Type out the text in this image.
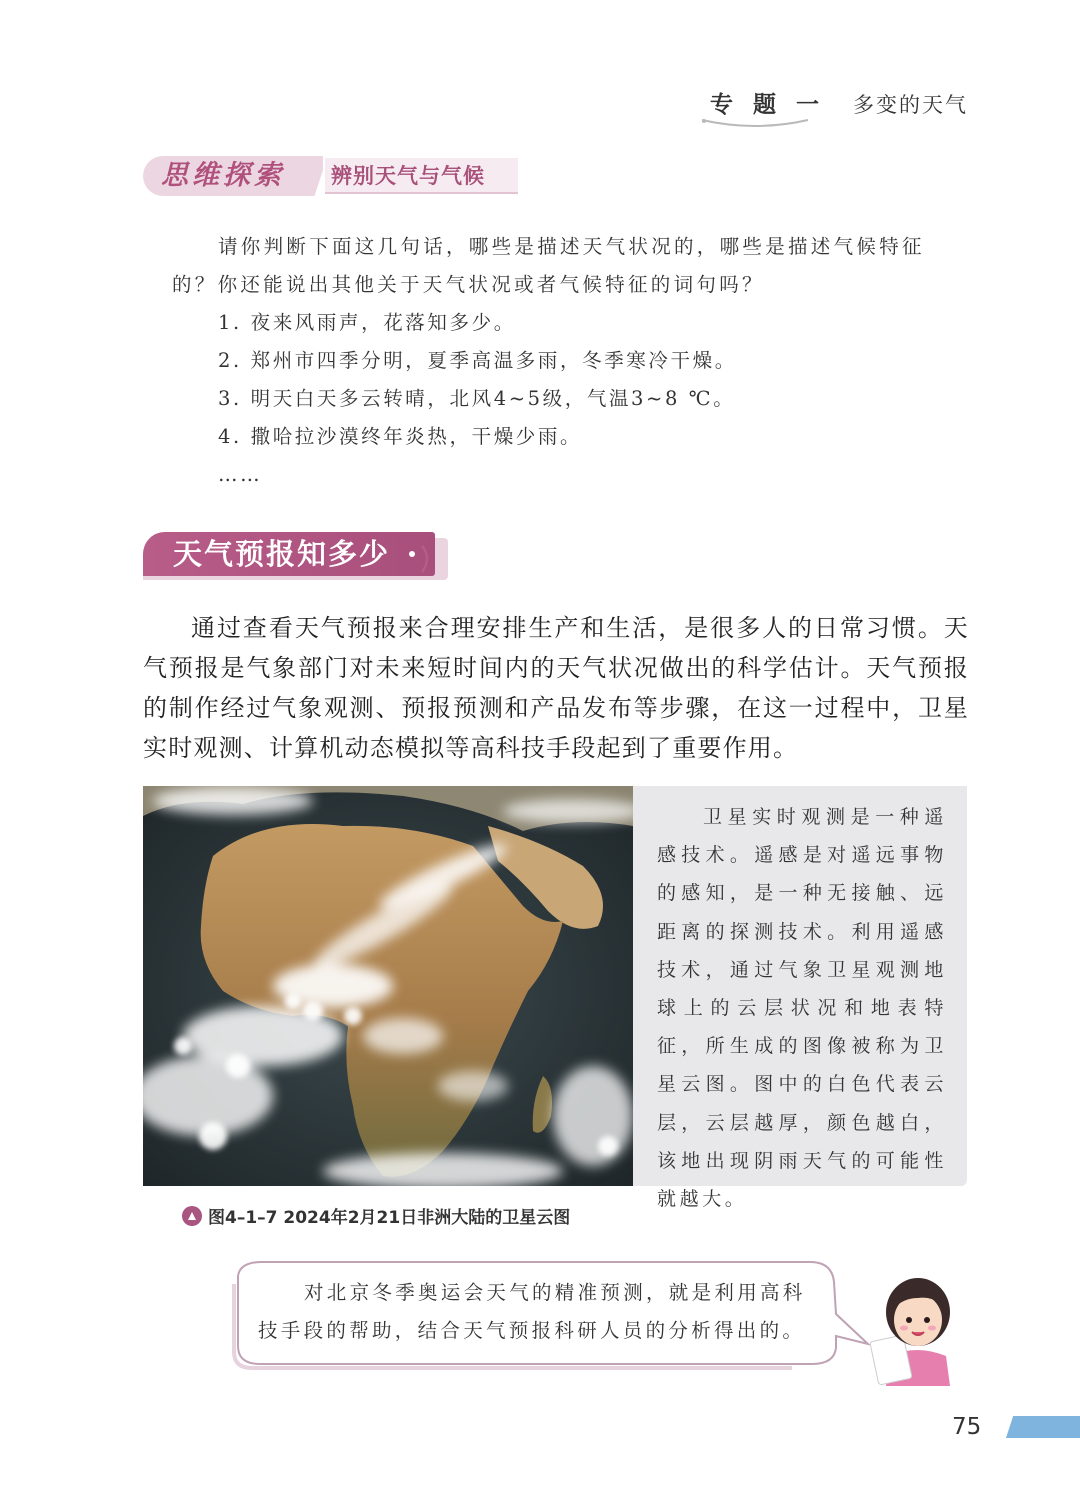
专 题 一 多变的天气
思维探索	辨别天气与气候
请你判断下面这几句话，哪些是描述天气状况的，哪些是描述气候特征的？你还能说出其他关于天气状况或者气候特征的词句吗？
1. 夜来风雨声，花落知多少。
2. 郑州市四季分明，夏季高温多雨，冬季寒冷干燥。
3. 明天白天多云转晴，北风4~5级，气温3~8 ℃。
4. 撒哈拉沙漠终年炎热，干燥少雨。
……
天气预报知多少
通过查看天气预报来合理安排生产和生活，是很多人的日常习惯。天气预报是气象部门对未来短时间内的天气状况做出的科学估计。天气预报的制作经过气象观测、预报预测和产品发布等步骤，在这一过程中，卫星实时观测、计算机动态模拟等高科技手段起到了重要作用。
卫星实时观测是一种遥感技术。遥感是对遥远事物的感知，是一种无接触、远距离的探测技术。利用遥感技术，通过气象卫星观测地球上的云层状况和地表特征，所生成的图像被称为卫星云图。图中的白色代表云层，云层越厚，颜色越白，该地出现阴雨天气的可能性就越大。
图4–1–7 2024年2月21日非洲大陆的卫星云图
对北京冬季奥运会天气的精准预测，就是利用高科技手段的帮助，结合天气预报科研人员的分析得出的。
75
